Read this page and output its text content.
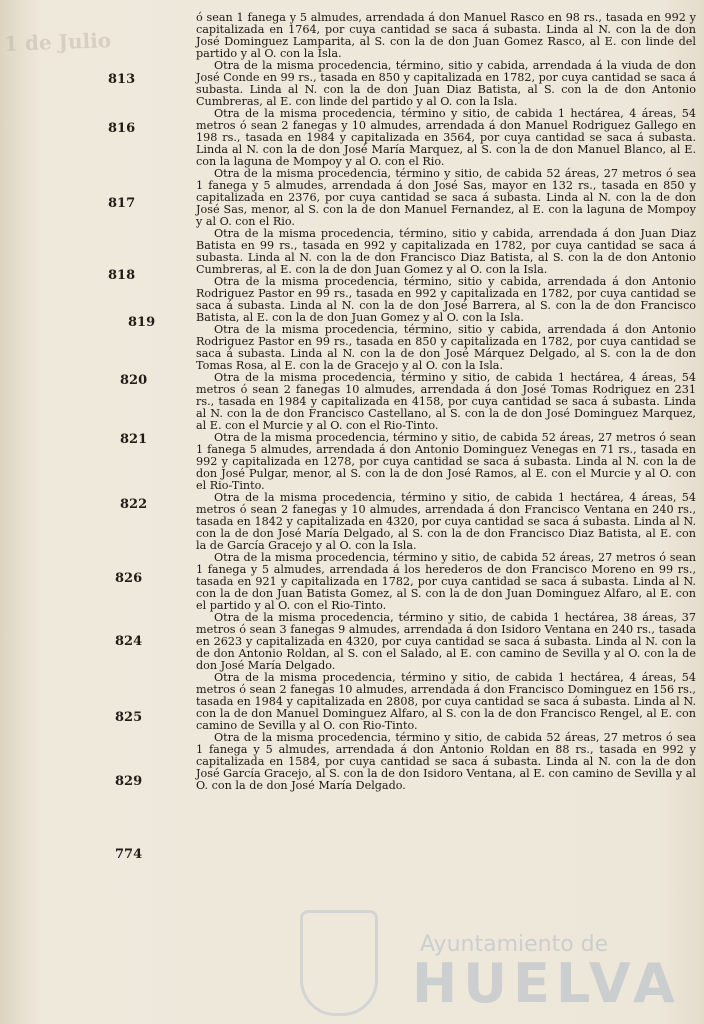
1 de Julio
813
816
817
818
819
820
821
822
826
824
825
829
774

ó sean 1 fanega y 5 almudes, arrendada á don Manuel Rasco en 98 rs., tasada en 992 y capitalizada en 1764, por cuya cantidad se saca á subasta. Linda al N. con la de don José Dominguez Lamparita, al S. con la de don Juan Gomez Rasco, al E. con linde del partido y al O. con la Isla.

Otra de la misma procedencia, término, sitio y cabida, arrendada á la viuda de don José Conde en 99 rs., tasada en 850 y capitalizada en 1782, por cuya cantidad se saca á subasta. Linda al N. con la de don Juan Diaz Batista, al S. con la de don Antonio Cumbreras, al E. con linde del partido y al O. con la Isla.

Otra de la misma procedencia, término y sitio, de cabida 1 hectárea, 4 áreas, 54 metros ó sean 2 fanegas y 10 almudes, arrendada á don Manuel Rodriguez Gallego en 198 rs., tasada en 1984 y capitalizada en 3564, por cuya cantidad se saca á subasta. Linda al N. con la de don José María Marquez, al S. con la de don Manuel Blanco, al E. con la laguna de Mompoy y al O. con el Rio.

Otra de la misma procedencia, término y sitio, de cabida 52 áreas, 27 metros ó sea 1 fanega y 5 almudes, arrendada á don José Sas, mayor en 132 rs., tasada en 850 y capitalizada en 2376, por cuya cantidad se saca á subasta. Linda al N. con la de don José Sas, menor, al S. con la de don Manuel Fernandez, al E. con la laguna de Mompoy y al O. con el Rio.

Otra de la misma procedencia, término, sitio y cabida, arrendada á don Juan Diaz Batista en 99 rs., tasada en 992 y capitalizada en 1782, por cuya cantidad se saca á subasta. Linda al N. con la de don Francisco Diaz Batista, al S. con la de don Antonio Cumbreras, al E. con la de don Juan Gomez y al O. con la Isla.

Otra de la misma procedencia, término, sitio y cabida, arrendada á don Antonio Rodriguez Pastor en 99 rs., tasada en 992 y capitalizada en 1782, por cuya cantidad se saca á subasta. Linda al N. con la de don José Barrera, al S. con la de don Francisco Batista, al E. con la de don Juan Gomez y al O. con la Isla.

Otra de la misma procedencia, término, sitio y cabida, arrendada á don Antonio Rodriguez Pastor en 99 rs., tasada en 850 y capitalizada en 1782, por cuya cantidad se saca á subasta. Linda al N. con la de don José Márquez Delgado, al S. con la de don Tomas Rosa, al E. con la de Gracejo y al O. con la Isla.

Otra de la misma procedencia, término y sitio, de cabida 1 hectárea, 4 áreas, 54 metros ó sean 2 fanegas 10 almudes, arrendada á don José Tomas Rodriguez en 231 rs., tasada en 1984 y capitalizada en 4158, por cuya cantidad se saca á subasta. Linda al N. con la de don Francisco Castellano, al S. con la de don José Dominguez Marquez, al E. con el Murcie y al O. con el Rio-Tinto.

Otra de la misma procedencia, término y sitio, de cabida 52 áreas, 27 metros ó sean 1 fanega 5 almudes, arrendada á don Antonio Dominguez Venegas en 71 rs., tasada en 992 y capitalizada en 1278, por cuya cantidad se saca á subasta. Linda al N. con la de don José Pulgar, menor, al S. con la de don José Ramos, al E. con el Murcie y al O. con el Rio-Tinto.

Otra de la misma procedencia, término y sitio, de cabida 1 hectárea, 4 áreas, 54 metros ó sean 2 fanegas y 10 almudes, arrendada á don Francisco Ventana en 240 rs., tasada en 1842 y capitalizada en 4320, por cuya cantidad se saca á subasta. Linda al N. con la de don José María Delgado, al S. con la de don Francisco Diaz Batista, al E. con la de García Gracejo y al O. con la Isla.

Otra de la misma procedencia, término y sitio, de cabida 52 áreas, 27 metros ó sean 1 fanega y 5 almudes, arrendada á los herederos de don Francisco Moreno en 99 rs., tasada en 921 y capitalizada en 1782, por cuya cantidad se saca á subasta. Linda al N. con la de don Juan Batista Gomez, al S. con la de don Juan Dominguez Alfaro, al E. con el partido y al O. con el Rio-Tinto.

Otra de la misma procedencia, término y sitio, de cabida 1 hectárea, 38 áreas, 37 metros ó sean 3 fanegas 9 almudes, arrendada á don Isidoro Ventana en 240 rs., tasada en 2623 y capitalizada en 4320, por cuya cantidad se saca á subasta. Linda al N. con la de don Antonio Roldan, al S. con el Salado, al E. con camino de Sevilla y al O. con la de don José María Delgado.

Otra de la misma procedencia, término y sitio, de cabida 1 hectárea, 4 áreas, 54 metros ó sean 2 fanegas 10 almudes, arrendada á don Francisco Dominguez en 156 rs., tasada en 1984 y capitalizada en 2808, por cuya cantidad se saca á subasta. Linda al N. con la de don Manuel Dominguez Alfaro, al S. con la de don Francisco Rengel, al E. con camino de Sevilla y al O. con Rio-Tinto.

Otra de la misma procedencia, término y sitio, de cabida 52 áreas, 27 metros ó sea 1 fanega y 5 almudes, arrendada á don Antonio Roldan en 88 rs., tasada en 992 y capitalizada en 1584, por cuya cantidad se saca á subasta. Linda al N. con la de don José García Gracejo, al S. con la de don Isidoro Ventana, al E. con camino de Sevilla y al O. con la de don José María Delgado.

Ayuntamiento de
HUELVA
